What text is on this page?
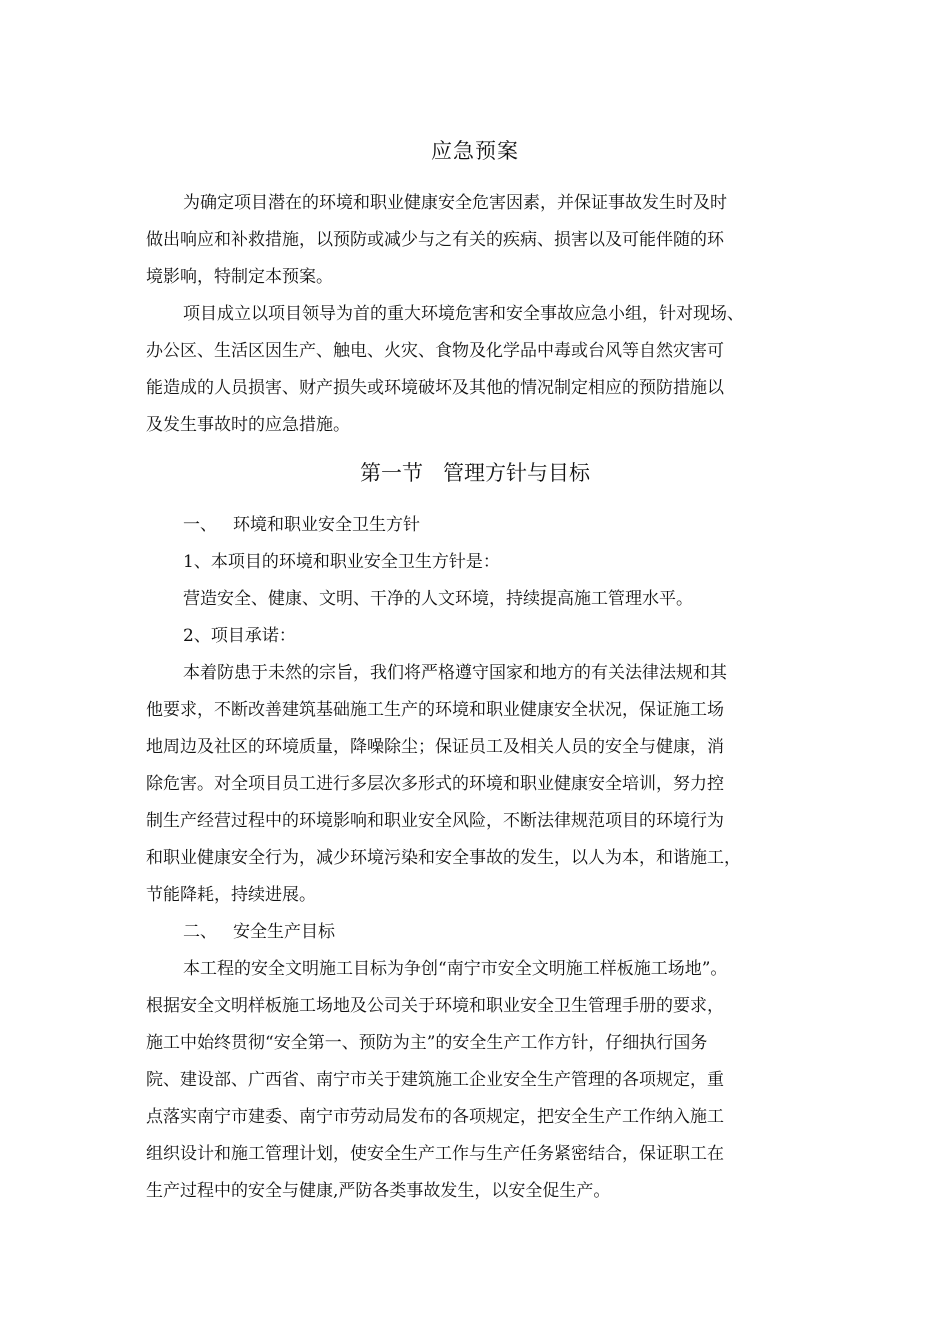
应急预案
为确定项目潜在的环境和职业健康安全危害因素，并保证事故发生时及时
做出响应和补救措施，以预防或减少与之有关的疾病、损害以及可能伴随的环
境影响，特制定本预案。
项目成立以项目领导为首的重大环境危害和安全事故应急小组，针对现场、
办公区、生活区因生产、触电、火灾、食物及化学品中毒或台风等自然灾害可
能造成的人员损害、财产损失或环境破坏及其他的情况制定相应的预防措施以
及发生事故时的应急措施。
第一节   管理方针与目标
一、 环境和职业安全卫生方针
1、本项目的环境和职业安全卫生方针是：
营造安全、健康、文明、干净的人文环境，持续提高施工管理水平。
2、项目承诺：
本着防患于未然的宗旨，我们将严格遵守国家和地方的有关法律法规和其
他要求，不断改善建筑基础施工生产的环境和职业健康安全状况，保证施工场
地周边及社区的环境质量，降噪除尘；保证员工及相关人员的安全与健康，消
除危害。对全项目员工进行多层次多形式的环境和职业健康安全培训，努力控
制生产经营过程中的环境影响和职业安全风险，不断法律规范项目的环境行为
和职业健康安全行为，减少环境污染和安全事故的发生，以人为本，和谐施工，
节能降耗，持续进展。
二、 安全生产目标
本工程的安全文明施工目标为争创“南宁市安全文明施工样板施工场地”。
根据安全文明样板施工场地及公司关于环境和职业安全卫生管理手册的要求，
施工中始终贯彻“安全第一、预防为主”的安全生产工作方针，仔细执行国务
院、建设部、广西省、南宁市关于建筑施工企业安全生产管理的各项规定，重
点落实南宁市建委、南宁市劳动局发布的各项规定，把安全生产工作纳入施工
组织设计和施工管理计划，使安全生产工作与生产任务紧密结合，保证职工在
生产过程中的安全与健康,严防各类事故发生，以安全促生产。
